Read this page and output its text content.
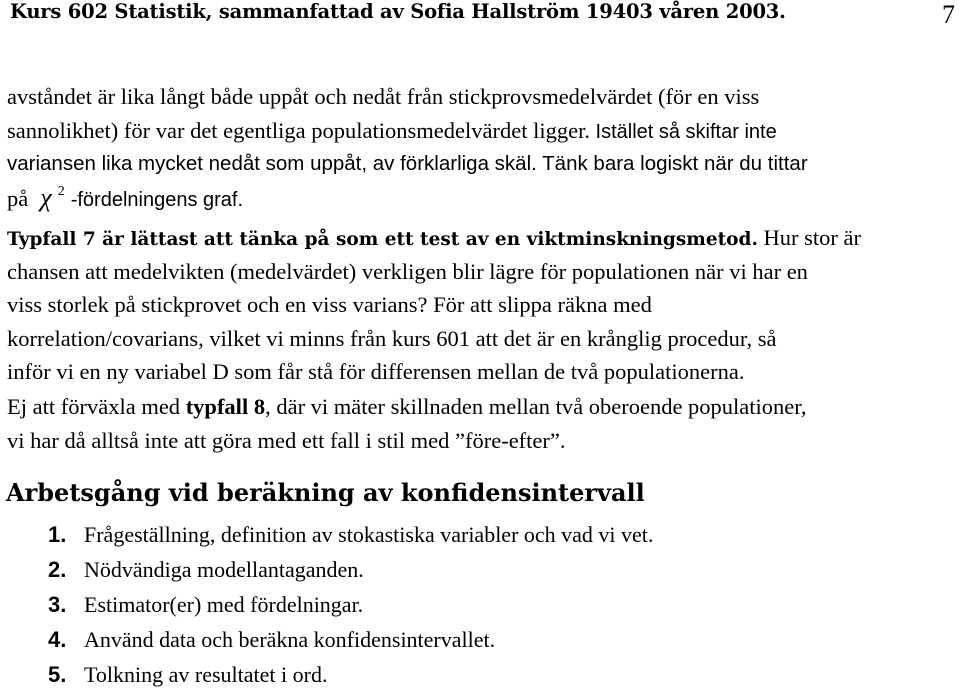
Kurs 602 Statistik, sammanfattad av Sofia Hallström 19403 våren 2003.	7
avståndet är lika långt både uppåt och nedåt från stickprovsmedelvärdet (för en viss
sannolikhet) för var det egentliga populationsmedelvärdet ligger. Istället så skiftar inte
variansen lika mycket nedåt som uppåt, av förklarliga skäl. Tänk bara logiskt när du tittar
på χ $^2$ -fördelningens graf.
Typfall 7 är lättast att tänka på som ett test av en viktminskningsmetod. Hur stor är
chansen att medelvikten (medelvärdet) verkligen blir lägre för populationen när vi har en
viss storlek på stickprovet och en viss varians? För att slippa räkna med
korrelation/covarians, vilket vi minns från kurs 601 att det är en krånglig procedur, så
inför vi en ny variabel D som får stå för differensen mellan de två populationerna.
Ej att förväxla med typfall 8, där vi mäter skillnaden mellan två oberoende populationer,
vi har då alltså inte att göra med ett fall i stil med ”före-efter”.
Arbetsgång vid beräkning av konfidensintervall
1. Frågeställning, definition av stokastiska variabler och vad vi vet.
2. Nödvändiga modellantaganden.
3. Estimator(er) med fördelningar.
4. Använd data och beräkna konfidensintervallet.
5. Tolkning av resultatet i ord.
